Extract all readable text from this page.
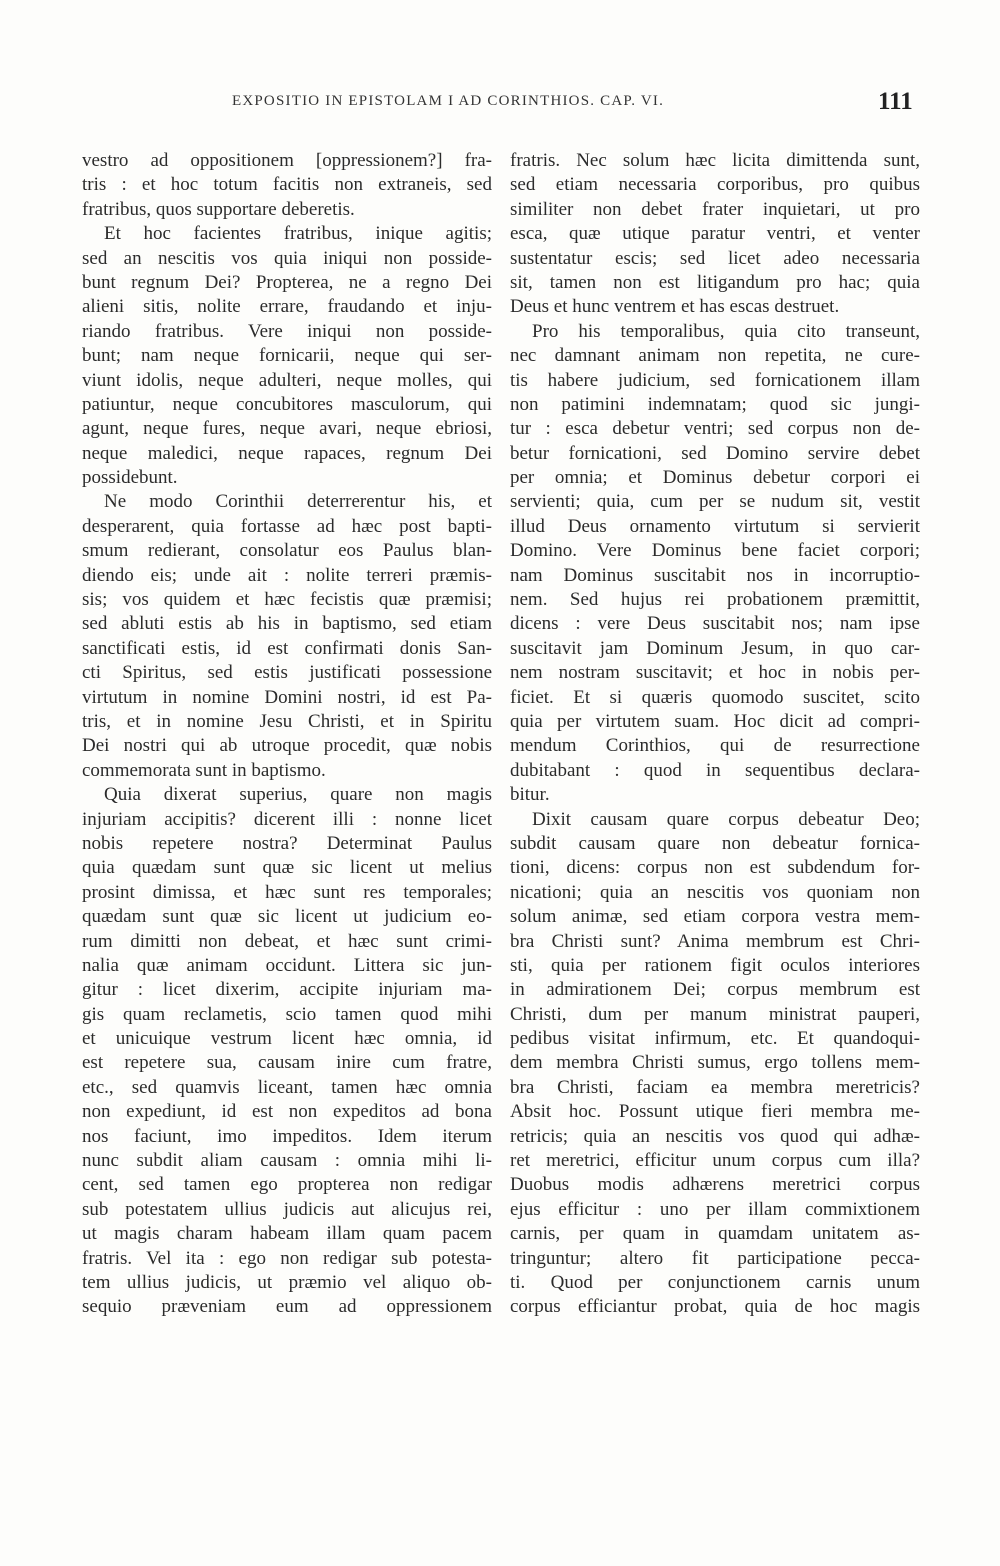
EXPOSITIO IN EPISTOLAM I AD CORINTHIOS. CAP. VI.	111
vestro ad oppositionem [oppressionem?] fra-
tris : et hoc totum facitis non extraneis, sed
fratribus, quos supportare deberetis.
Et hoc facientes fratribus, inique agitis;
sed an nescitis vos quia iniqui non posside-
bunt regnum Dei? Propterea, ne a regno Dei
alieni sitis, nolite errare, fraudando et inju-
riando fratribus. Vere iniqui non posside-
bunt; nam neque fornicarii, neque qui ser-
viunt idolis, neque adulteri, neque molles, qui
patiuntur, neque concubitores masculorum, qui
agunt, neque fures, neque avari, neque ebriosi,
neque maledici, neque rapaces, regnum Dei
possidebunt.
Ne modo Corinthii deterrerentur his, et
desperarent, quia fortasse ad hæc post bapti-
smum redierant, consolatur eos Paulus blan-
diendo eis; unde ait : nolite terreri præmis-
sis; vos quidem et hæc fecistis quæ præmisi;
sed abluti estis ab his in baptismo, sed etiam
sanctificati estis, id est confirmati donis San-
cti Spiritus, sed estis justificati possessione
virtutum in nomine Domini nostri, id est Pa-
tris, et in nomine Jesu Christi, et in Spiritu
Dei nostri qui ab utroque procedit, quæ nobis
commemorata sunt in baptismo.
Quia dixerat superius, quare non magis
injuriam accipitis? dicerent illi : nonne licet
nobis repetere nostra? Determinat Paulus
quia quædam sunt quæ sic licent ut melius
prosint dimissa, et hæc sunt res temporales;
quædam sunt quæ sic licent ut judicium eo-
rum dimitti non debeat, et hæc sunt crimi-
nalia quæ animam occidunt. Littera sic jun-
gitur : licet dixerim, accipite injuriam ma-
gis quam reclametis, scio tamen quod mihi
et unicuique vestrum licent hæc omnia, id
est repetere sua, causam inire cum fratre,
etc., sed quamvis liceant, tamen hæc omnia
non expediunt, id est non expeditos ad bona
nos faciunt, imo impeditos. Idem iterum
nunc subdit aliam causam : omnia mihi li-
cent, sed tamen ego propterea non redigar
sub potestatem ullius judicis aut alicujus rei,
ut magis charam habeam illam quam pacem
fratris. Vel ita : ego non redigar sub potesta-
tem ullius judicis, ut præmio vel aliquo ob-
sequio præveniam eum ad oppressionem
fratris. Nec solum hæc licita dimittenda sunt,
sed etiam necessaria corporibus, pro quibus
similiter non debet frater inquietari, ut pro
esca, quæ utique paratur ventri, et venter
sustentatur escis; sed licet adeo necessaria
sit, tamen non est litigandum pro hac; quia
Deus et hunc ventrem et has escas destruet.
Pro his temporalibus, quia cito transeunt,
nec damnant animam non repetita, ne cure-
tis habere judicium, sed fornicationem illam
non patimini indemnatam; quod sic jungi-
tur : esca debetur ventri; sed corpus non de-
betur fornicationi, sed Domino servire debet
per omnia; et Dominus debetur corpori ei
servienti; quia, cum per se nudum sit, vestit
illud Deus ornamento virtutum si servierit
Domino. Vere Dominus bene faciet corpori;
nam Dominus suscitabit nos in incorruptio-
nem. Sed hujus rei probationem præmittit,
dicens : vere Deus suscitabit nos; nam ipse
suscitavit jam Dominum Jesum, in quo car-
nem nostram suscitavit; et hoc in nobis per-
ficiet. Et si quæris quomodo suscitet, scito
quia per virtutem suam. Hoc dicit ad compri-
mendum Corinthios, qui de resurrectione
dubitabant : quod in sequentibus declara-
bitur.
Dixit causam quare corpus debeatur Deo;
subdit causam quare non debeatur fornica-
tioni, dicens: corpus non est subdendum for-
nicationi; quia an nescitis vos quoniam non
solum animæ, sed etiam corpora vestra mem-
bra Christi sunt? Anima membrum est Chri-
sti, quia per rationem figit oculos interiores
in admirationem Dei; corpus membrum est
Christi, dum per manum ministrat pauperi,
pedibus visitat infirmum, etc. Et quandoqui-
dem membra Christi sumus, ergo tollens mem-
bra Christi, faciam ea membra meretricis?
Absit hoc. Possunt utique fieri membra me-
retricis; quia an nescitis vos quod qui adhæ-
ret meretrici, efficitur unum corpus cum illa?
Duobus modis adhærens meretrici corpus
ejus efficitur : uno per illam commixtionem
carnis, per quam in quamdam unitatem as-
tringuntur; altero fit participatione pecca-
ti. Quod per conjunctionem carnis unum
corpus efficiantur probat, quia de hoc magis
